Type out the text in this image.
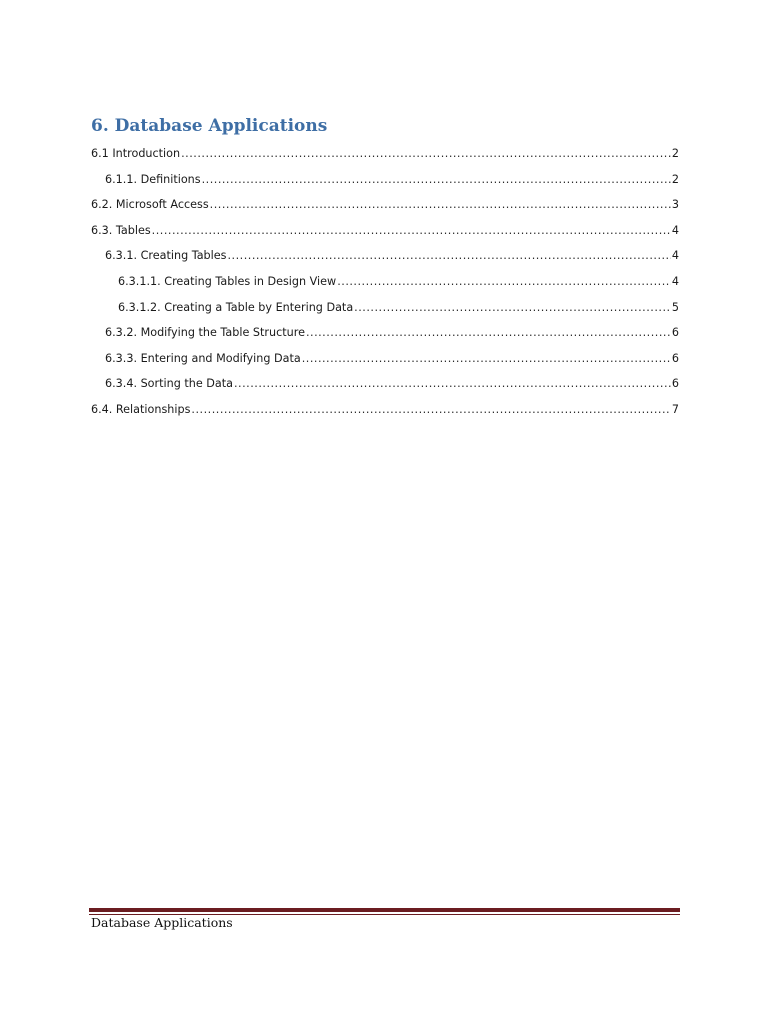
6. Database Applications
6.1 Introduction .....	2
6.1.1. Definitions .....	2
6.2. Microsoft Access .....	3
6.3. Tables .....	4
6.3.1. Creating Tables .....	4
6.3.1.1. Creating Tables in Design View .....	4
6.3.1.2. Creating a Table by Entering Data .....	5
6.3.2. Modifying the Table Structure .....	6
6.3.3. Entering and Modifying Data .....	6
6.3.4. Sorting the Data .....	6
6.4. Relationships .....	7
Database Applications
